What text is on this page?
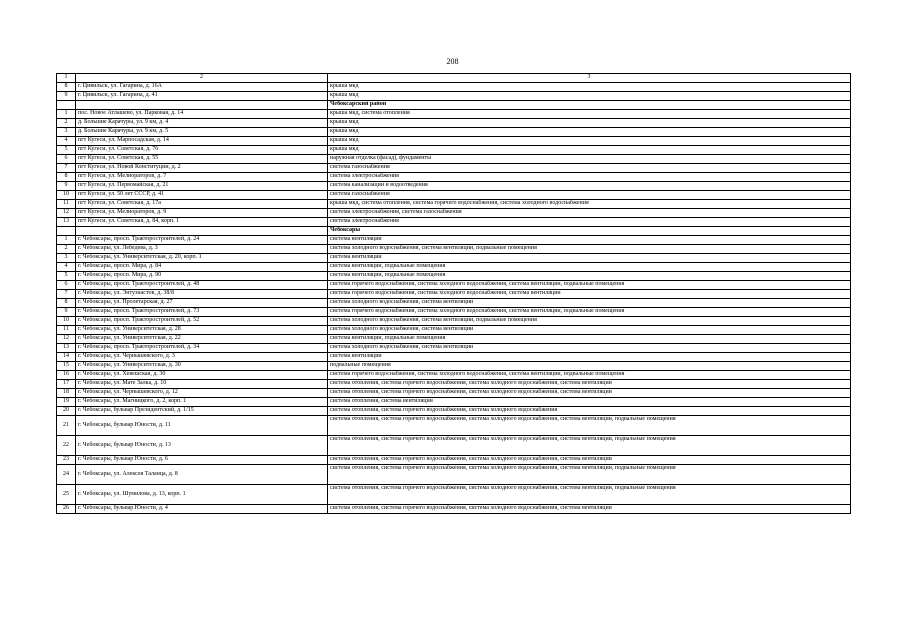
208
1	2	3
8	г. Цивильск, ул. Гагарина, д. 16А	крыша мкд
9	г. Цивильск, ул. Гагарина, д. 41	крыша мкд
		Чебоксарский район
1	пос. Новое Атлашево, ул. Парковая, д. 14	крыша мкд, система отопления
2	д. Большие Карачуры, ул. 9 км, д. 4	крыша мкд
3	д. Большие Карачуры, ул. 9 км, д. 5	крыша мкд
4	пгт Кугеси, ул. Марпосадская, д. 14	крыша мкд
5	пгт Кугеси, ул. Советская, д. 76	крыша мкд
6	пгт Кугеси, ул. Советская, д. 55	наружная отделка (фасад), фундаменты
7	пгт Кугеси, ул. Новой Конституции, д. 2	система газоснабжения
8	пгт Кугеси, ул. Мелиораторов, д. 7	система электроснабжения
9	пгт Кугеси, ул. Первомайская, д. 21	система канализации и водоотведения
10	пгт Кугеси, ул. 50 лет СССР, д. 41	система газоснабжения
11	пгт Кугеси, ул. Советская, д. 17а	крыша мкд, система отопления, система горячего водоснабжения, система холодного водоснабжения
12	пгт Кугеси, ул. Мелиораторов, д. 9	система электроснабжения, система газоснабжения
13	пгт Кугеси, ул. Советская, д. 84, корп. 1	система электроснабжения
		Чебоксары
1	г. Чебоксары, просп. Тракторостроителей, д. 24	система вентиляции
2	г. Чебоксары, ул. Лебедева, д. 3	система холодного водоснабжения, система вентиляции, подвальные помещения
3	г. Чебоксары, ул. Университетская, д. 20, корп. 1	система вентиляции
4	г. Чебоксары, просп. Мира, д. 84	система вентиляции, подвальные помещения
5	г. Чебоксары, просп. Мира, д. 90	система вентиляции, подвальные помещения
6	г. Чебоксары, просп. Тракторостроителей, д. 48	система горячего водоснабжения, система холодного водоснабжения, система вентиляции, подвальные помещения
7	г. Чебоксары, ул. Энтузиастов, д. 38/8	система горячего водоснабжения, система холодного водоснабжения, система вентиляции
8	г. Чебоксары, ул. Пролетарская, д. 27	система холодного водоснабжения, система вентиляции
9	г. Чебоксары, просп. Тракторостроителей, д. 73	система горячего водоснабжения, система холодного водоснабжения, система вентиляции, подвальные помещения
10	г. Чебоксары, просп. Тракторостроителей, д. 52	система холодного водоснабжения, система вентиляции, подвальные помещения
11	г. Чебоксары, ул. Университетская, д. 28	система холодного водоснабжения, система вентиляции
12	г. Чебоксары, ул. Университетская, д. 22	система вентиляции, подвальные помещения
13	г. Чебоксары, просп. Тракторостроителей, д. 34	система холодного водоснабжения, система вентиляции
14	г. Чебоксары, ул. Чернышевского, д. 3	система вентиляции
15	г. Чебоксары, ул. Университетская, д. 30	подвальные помещения
16	г. Чебоксары, ул. Хевешская, д. 30	система горячего водоснабжения, система холодного водоснабжения, система вентиляции, подвальные помещения
17	г. Чебоксары, ул. Мате Залка, д. 10	система отопления, система горячего водоснабжения, система холодного водоснабжения, система вентиляции
18	г. Чебоксары, ул. Чернышевского, д. 12	система отопления, система горячего водоснабжения, система холодного водоснабжения, система вентиляции
19	г. Чебоксары, ул. Магницкого, д. 2, корп. 1	система отопления, система вентиляции
20	г. Чебоксары, бульвар Президентский, д. 1/15	система отопления, система горячего водоснабжения, система холодного водоснабжения
21	г. Чебоксары, бульвар Юности, д. 11	система отопления, система горячего водоснабжения, система холодного водоснабжения, система вентиляции, подвальные помещения
22	г. Чебоксары, бульвар Юности, д. 13	система отопления, система горячего водоснабжения, система холодного водоснабжения, система вентиляции, подвальные помещения
23	г. Чебоксары, бульвар Юности, д. 6	система отопления, система горячего водоснабжения, система холодного водоснабжения, система вентиляции
24	г. Чебоксары, ул. Алексея Таланца, д. 8	система отопления, система горячего водоснабжения, система холодного водоснабжения, система вентиляции, подвальные помещения
25	г. Чебоксары, ул. Шумилова, д. 13, корп. 1	система отопления, система горячего водоснабжения, система холодного водоснабжения, система вентиляции, подвальные помещения
26	г. Чебоксары, бульвар Юности, д. 4	система отопления, система горячего водоснабжения, система холодного водоснабжения, система вентиляции
